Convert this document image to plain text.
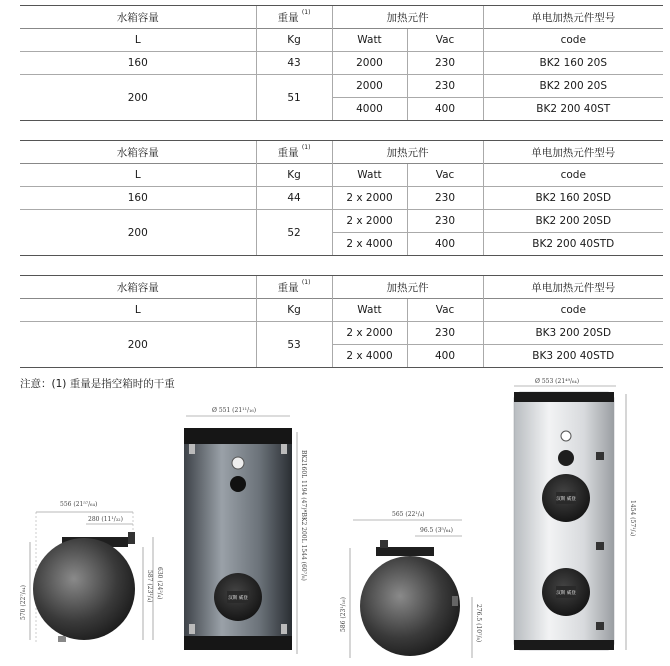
水箱容量	重量 $^{(1)}$	加热元件		单电加热元件型号
L	Kg	Watt	Vac	code
160	43	2000	230	BK2 160 20S
200	51	2000	230	BK2 200 20S
		4000	400	BK2 200 40ST
水箱容量	重量 $^{(1)}$	加热元件		单电加热元件型号
L	Kg	Watt	Vac	code
160	44	2 x 2000	230	BK2 160 20SD
200	52	2 x 2000	230	BK2 200 20SD
		2 x 4000	400	BK2 200 40STD
水箱容量	重量 $^{(1)}$	加热元件		单电加热元件型号
L	Kg	Watt	Vac	code
200	53	2 x 2000	230	BK3 200 20SD
		2 x 4000	400	BK3 200 40STD
注意：(1) 重量是指空箱时的干重
556 (21⁵⁷/₆₄)
280 (11¹/₃₂)
570 (22⁷/₆₄)	587 (23¹/₄) 630 (24²/₄)
Ø 551 (21¹¹/₁₆)
BK2160L 1194 (47)*BK2 200L 1544 (60⁷/₈)
汉斯 威登
565 (22¹/₄)
96.5 (3⁵/₆₄)
586 (23¹/₁₆)	276.5 (10⁷/₈)
Ø 553 (21⁴⁹/₆₄)
1454 (57¹/₄)
汉斯 威登
汉斯 威登
